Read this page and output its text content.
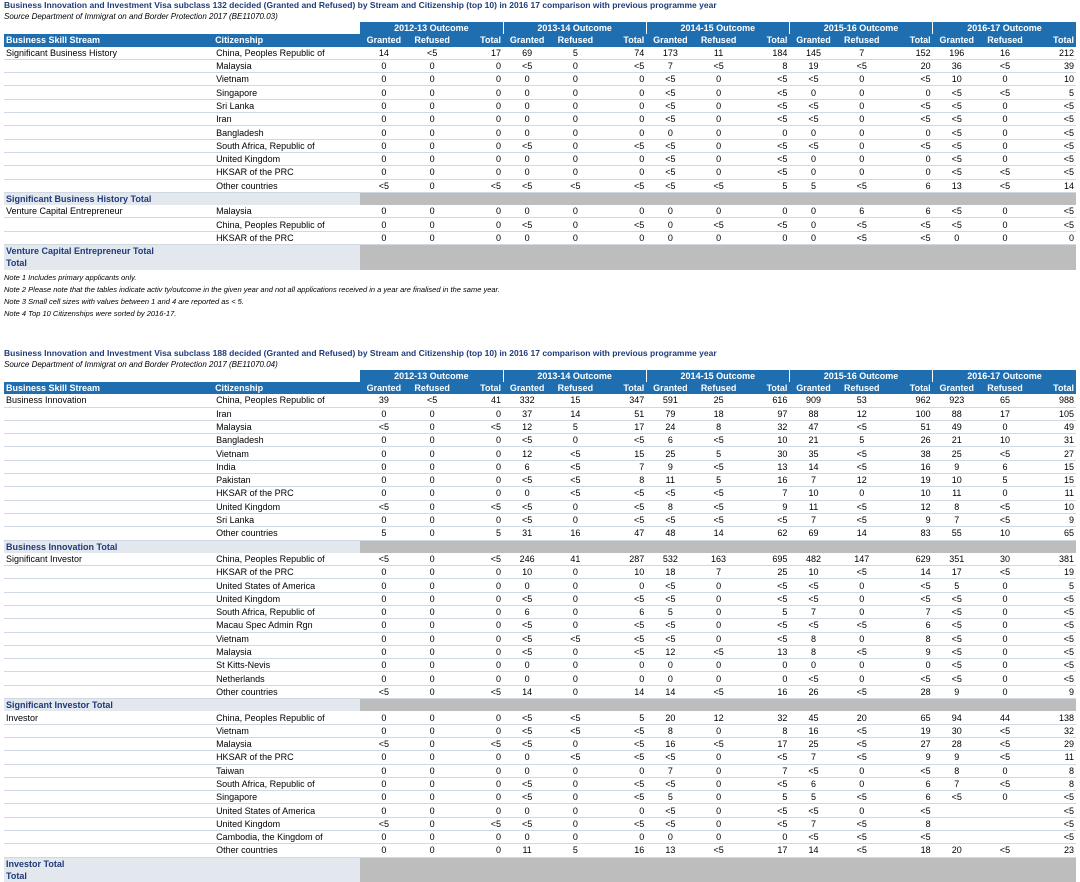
Business Innovation and Investment Visa subclass 132 decided (Granted and Refused) by Stream and Citizenship (top 10) in 2016 17 comparison with previous programme year
Source Department of Immigrat on and Border Protection 2017 (BE11070.03)
		2012-13 Outcome			2013-14 Outcome			2014-15 Outcome			2015-16 Outcome			2016-17 Outcome		
Business Skill Stream	Citizenship	Granted	Refused	Total	Granted	Refused	Total	Granted	Refused	Total	Granted	Refused	Total	Granted	Refused	Total
Significant Business History	China, Peoples Republic of	14	<5	17	69	5	74	173	11	184	145	7	152	196	16	212
	Malaysia	0	0	0	<5	0	<5	7	<5	8	19	<5	20	36	<5	39
	Vietnam	0	0	0	0	0	0	<5	0	<5	<5	0	<5	10	0	10
	Singapore	0	0	0	0	0	0	<5	0	<5	0	0	0	<5	<5	5
	Sri Lanka	0	0	0	0	0	0	<5	0	<5	<5	0	<5	<5	0	<5
	Iran	0	0	0	0	0	0	<5	0	<5	<5	0	<5	<5	0	<5
	Bangladesh	0	0	0	0	0	0	0	0	0	0	0	0	<5	0	<5
	South Africa, Republic of	0	0	0	<5	0	<5	<5	0	<5	<5	0	<5	<5	0	<5
	United Kingdom	0	0	0	0	0	0	<5	0	<5	0	0	0	<5	0	<5
	HKSAR of the PRC	0	0	0	0	0	0	<5	0	<5	0	0	0	<5	<5	<5
	Other countries	<5	0	<5	<5	<5	<5	<5	<5	5	5	<5	6	13	<5	14
Significant Business History Total																
Venture Capital Entrepreneur	Malaysia	0	0	0	0	0	0	0	0	0	0	6	6	<5	0	<5
	China, Peoples Republic of	0	0	0	<5	0	<5	0	<5	<5	0	<5	<5	<5	0	<5
	HKSAR of the PRC	0	0	0	0	0	0	0	0	0	0	<5	<5	0	0	0
Venture Capital Entrepreneur Total																
Total																
Note 1 Includes primary applicants only.
Note 2 Please note that the tables indicate activ ty/outcome in the given year and not all applications received in a year are finalised in the same year.
Note 3 Small cell sizes with values between 1 and 4 are reported as < 5.
Note 4 Top 10 Citizenships were sorted by 2016-17.
Business Innovation and Investment Visa subclass 188 decided (Granted and Refused) by Stream and Citizenship (top 10) in 2016 17 comparison with previous programme year
Source Department of Immigrat on and Border Protection 2017 (BE11070.04)
		2012-13 Outcome			2013-14 Outcome			2014-15 Outcome			2015-16 Outcome			2016-17 Outcome		
Business Skill Stream	Citizenship	Granted	Refused	Total	Granted	Refused	Total	Granted	Refused	Total	Granted	Refused	Total	Granted	Refused	Total
Business Innovation	China, Peoples Republic of	39	<5	41	332	15	347	591	25	616	909	53	962	923	65	988
	Iran	0	0	0	37	14	51	79	18	97	88	12	100	88	17	105
	Malaysia	<5	0	<5	12	5	17	24	8	32	47	<5	51	49	0	49
	Bangladesh	0	0	0	<5	0	<5	6	<5	10	21	5	26	21	10	31
	Vietnam	0	0	0	12	<5	15	25	5	30	35	<5	38	25	<5	27
	India	0	0	0	6	<5	7	9	<5	13	14	<5	16	9	6	15
	Pakistan	0	0	0	<5	<5	8	11	5	16	7	12	19	10	5	15
	HKSAR of the PRC	0	0	0	0	<5	<5	<5	<5	7	10	0	10	11	0	11
	United Kingdom	<5	0	<5	<5	0	<5	8	<5	9	11	<5	12	8	<5	10
	Sri Lanka	0	0	0	<5	0	<5	<5	<5	<5	7	<5	9	7	<5	9
	Other countries	5	0	5	31	16	47	48	14	62	69	14	83	55	10	65
Business Innovation Total																
Significant Investor	China, Peoples Republic of	<5	0	<5	246	41	287	532	163	695	482	147	629	351	30	381
	HKSAR of the PRC	0	0	0	10	0	10	18	7	25	10	<5	14	17	<5	19
	United States of America	0	0	0	0	0	0	<5	0	<5	<5	0	<5	5	0	5
	United Kingdom	0	0	0	<5	0	<5	<5	0	<5	<5	0	<5	<5	0	<5
	South Africa, Republic of	0	0	0	6	0	6	5	0	5	7	0	7	<5	0	<5
	Macau Spec Admin Rgn	0	0	0	<5	0	<5	<5	0	<5	<5	<5	6	<5	0	<5
	Vietnam	0	0	0	<5	<5	<5	<5	0	<5	8	0	8	<5	0	<5
	Malaysia	0	0	0	<5	0	<5	12	<5	13	8	<5	9	<5	0	<5
	St Kitts-Nevis	0	0	0	0	0	0	0	0	0	0	0	0	<5	0	<5
	Netherlands	0	0	0	0	0	0	0	0	0	<5	0	<5	<5	0	<5
	Other countries	<5	0	<5	14	0	14	14	<5	16	26	<5	28	9	0	9
Significant Investor Total																
Investor	China, Peoples Republic of	0	0	0	<5	<5	5	20	12	32	45	20	65	94	44	138
	Vietnam	0	0	0	<5	<5	<5	8	0	8	16	<5	19	30	<5	32
	Malaysia	<5	0	<5	<5	0	<5	16	<5	17	25	<5	27	28	<5	29
	HKSAR of the PRC	0	0	0	0	<5	<5	<5	0	<5	7	<5	9	9	<5	11
	Taiwan	0	0	0	0	0	0	7	0	7	<5	0	<5	8	0	8
	South Africa, Republic of	0	0	0	<5	0	<5	<5	0	<5	6	0	6	7	<5	8
	Singapore	0	0	0	<5	0	<5	5	0	5	5	<5	6	<5	0	<5
	United States of America	0	0	0	0	0	0	<5	0	<5	<5	0	<5			<5
	United Kingdom	<5	0	<5	<5	0	<5	<5	0	<5	7	<5	8			<5
	Cambodia, the Kingdom of	0	0	0	0	0	0	0	0	0	<5	<5	<5			<5
	Other countries	0	0	0	11	5	16	13	<5	17	14	<5	18	20	<5	23
Investor Total																
Total																
